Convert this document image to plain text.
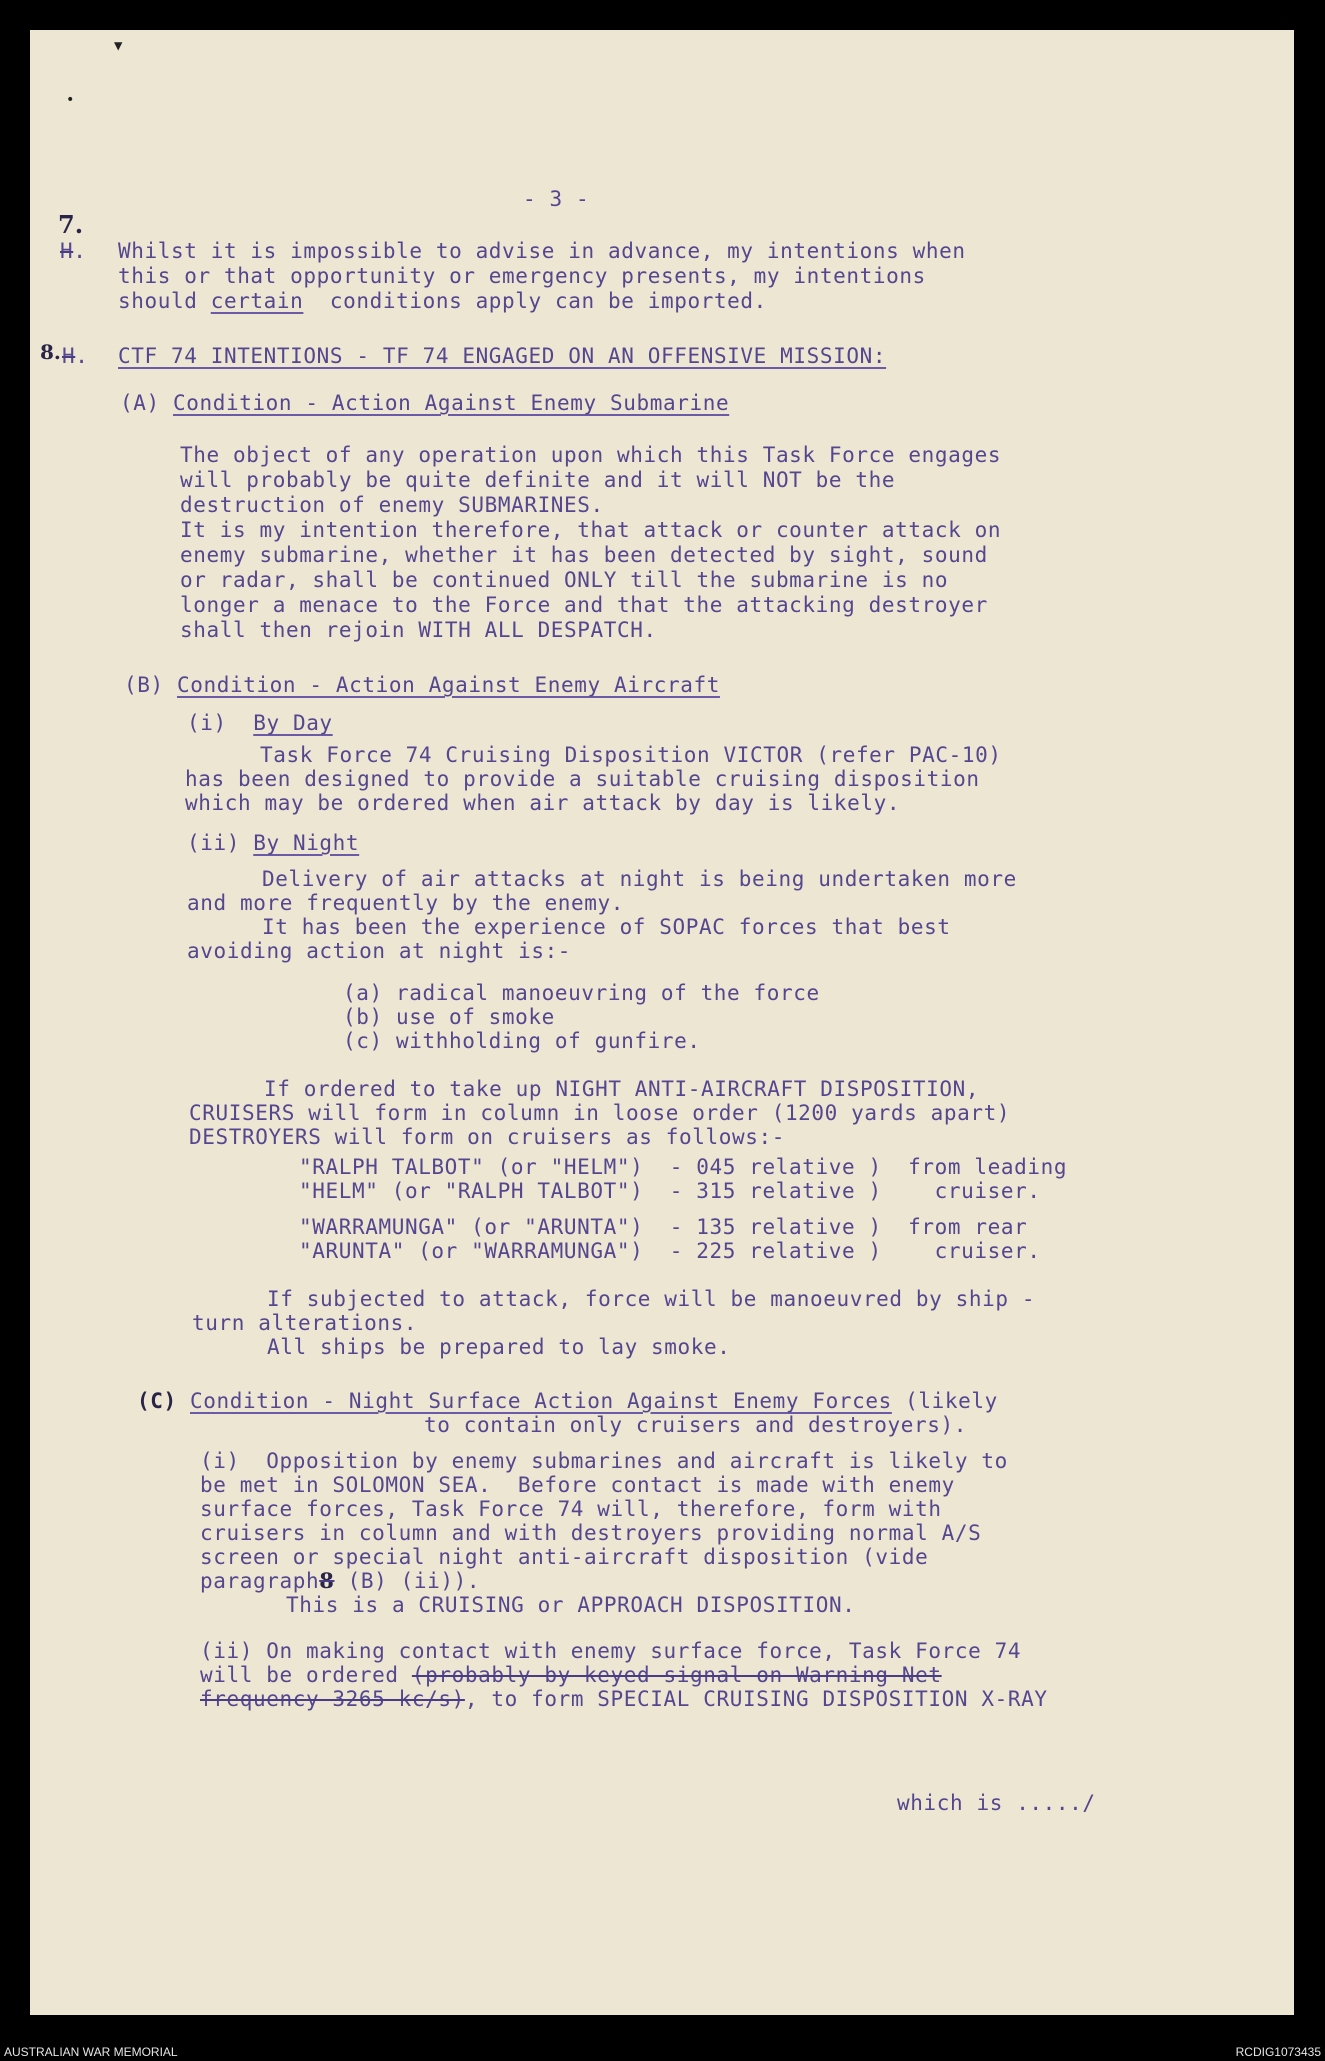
▼
•
- 3 -
7.
H. Whilst it is impossible to advise in advance, my intentions when
this or that opportunity or emergency presents, my intentions
should certain  conditions apply can be imported.
8. H. CTF 74 INTENTIONS - TF 74 ENGAGED ON AN OFFENSIVE MISSION:
(A) Condition - Action Against Enemy Submarine
The object of any operation upon which this Task Force engages
will probably be quite definite and it will NOT be the
destruction of enemy SUBMARINES.
It is my intention therefore, that attack or counter attack on
enemy submarine, whether it has been detected by sight, sound
or radar, shall be continued ONLY till the submarine is no
longer a menace to the Force and that the attacking destroyer
shall then rejoin WITH ALL DESPATCH.
(B) Condition - Action Against Enemy Aircraft
(i)  By Day
Task Force 74 Cruising Disposition VICTOR (refer PAC-10)
has been designed to provide a suitable cruising disposition
which may be ordered when air attack by day is likely.
(ii) By Night
Delivery of air attacks at night is being undertaken more
and more frequently by the enemy.
It has been the experience of SOPAC forces that best
avoiding action at night is:-
(a) radical manoeuvring of the force
(b) use of smoke
(c) withholding of gunfire.
If ordered to take up NIGHT ANTI-AIRCRAFT DISPOSITION,
CRUISERS will form in column in loose order (1200 yards apart)
DESTROYERS will form on cruisers as follows:-
"RALPH TALBOT" (or "HELM")  - 045 relative )  from leading
"HELM" (or "RALPH TALBOT")  - 315 relative )    cruiser.
"WARRAMUNGA" (or "ARUNTA")  - 135 relative )  from rear
"ARUNTA" (or "WARRAMUNGA")  - 225 relative )    cruiser.
If subjected to attack, force will be manoeuvred by ship -
turn alterations.
All ships be prepared to lay smoke.
(C) Condition - Night Surface Action Against Enemy Forces (likely
to contain only cruisers and destroyers).
(i)  Opposition by enemy submarines and aircraft is likely to
be met in SOLOMON SEA.  Before contact is made with enemy
surface forces, Task Force 74 will, therefore, form with
cruisers in column and with destroyers providing normal A/S
screen or special night anti-aircraft disposition (vide
paragraph8 (B) (ii)).
This is a CRUISING or APPROACH DISPOSITION.
(ii) On making contact with enemy surface force, Task Force 74
will be ordered (probably by keyed signal on Warning Net
frequency 3265 kc/s), to form SPECIAL CRUISING DISPOSITION X-RAY
which is ...../
AUSTRALIAN WAR MEMORIAL	RCDIG1073435
